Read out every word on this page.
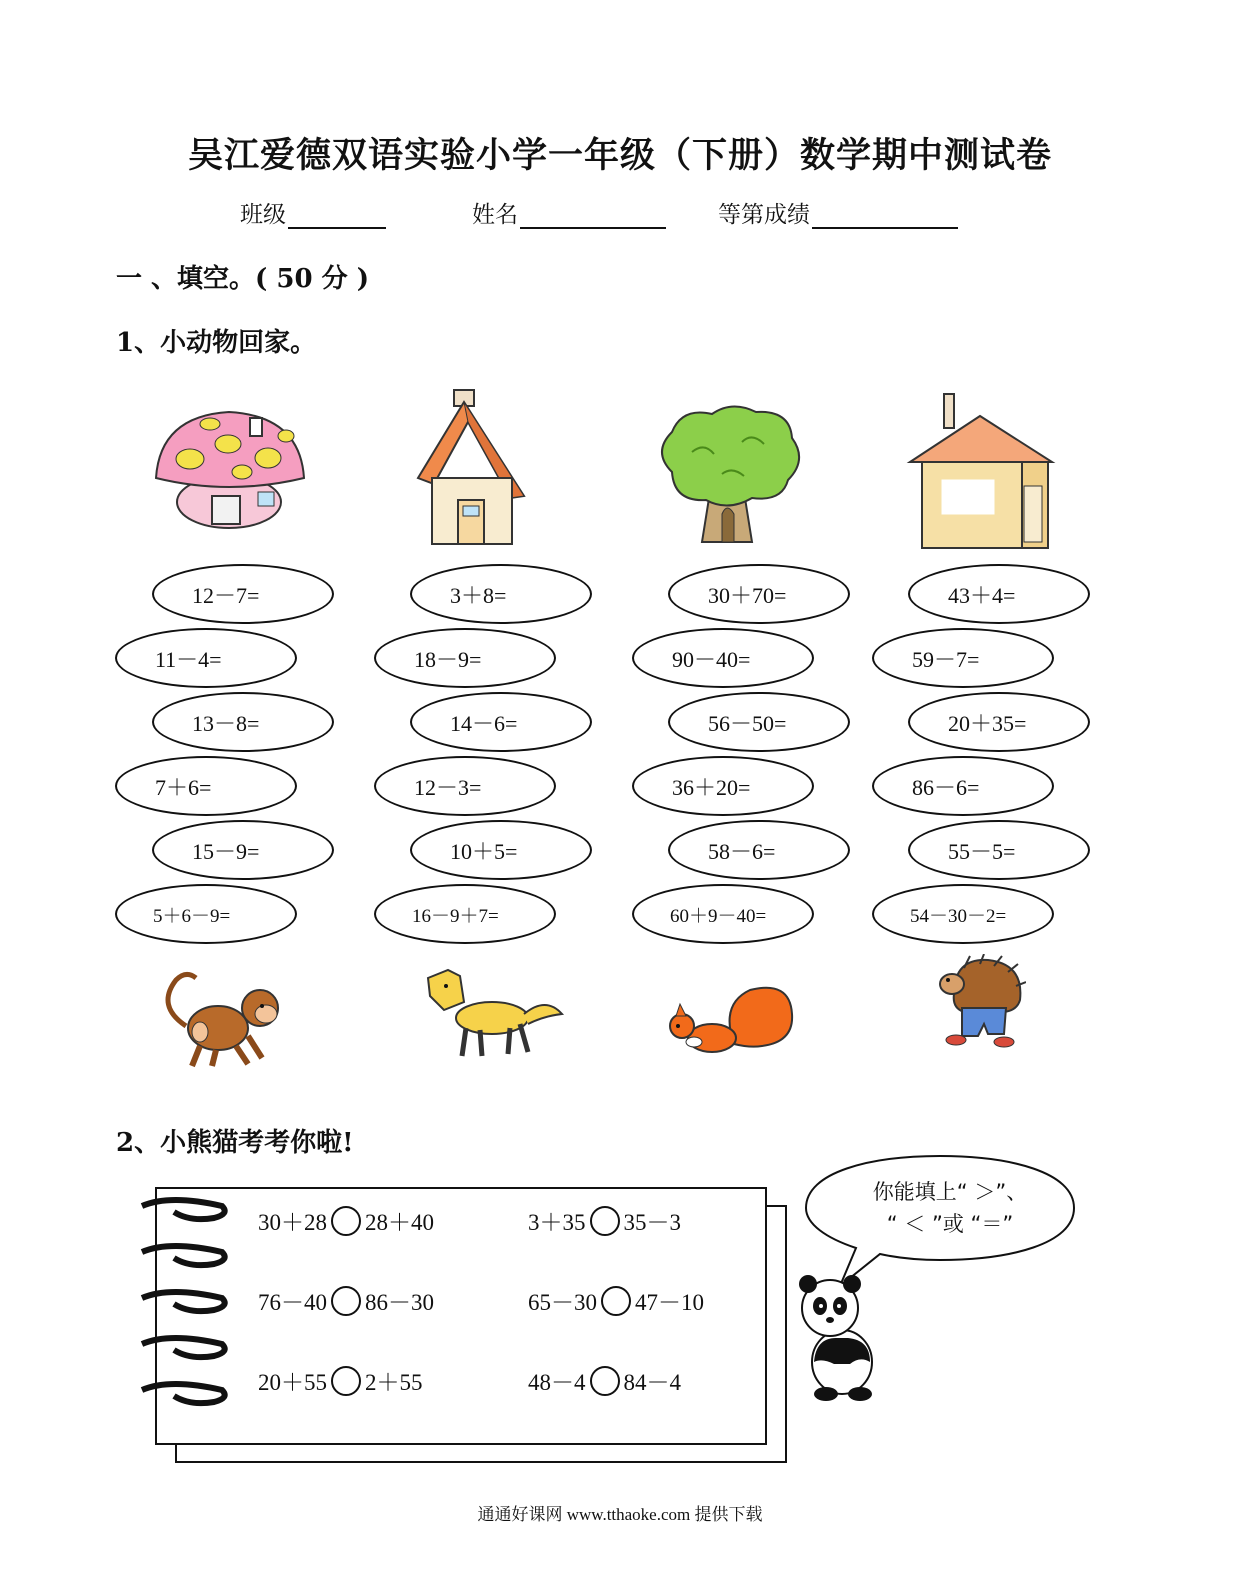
吴江爱德双语实验小学一年级（下册）数学期中测试卷
班级	姓名	等第成绩
一 、填空。( 50 分 )
1、小动物回家。
12－7=
11－4=
13－8=
7＋6=
15－9=
5＋6－9=
3＋8=
18－9=
14－6=
12－3=
10＋5=
16－9＋7=
30＋70=
90－40=
56－50=
36＋20=
58－6=
60＋9－40=
43＋4=
59－7=
20＋35=
86－6=
55－5=
54－30－2=
2、小熊猫考考你啦!
30＋28 28＋40	3＋35 35－3
76－40 86－30	65－30 47－10
20＋55 2＋55	48－4 84－4
你能填上“ ＞”、
“ ＜ ”或 “＝”
通通好课网 www.tthaoke.com 提供下载
